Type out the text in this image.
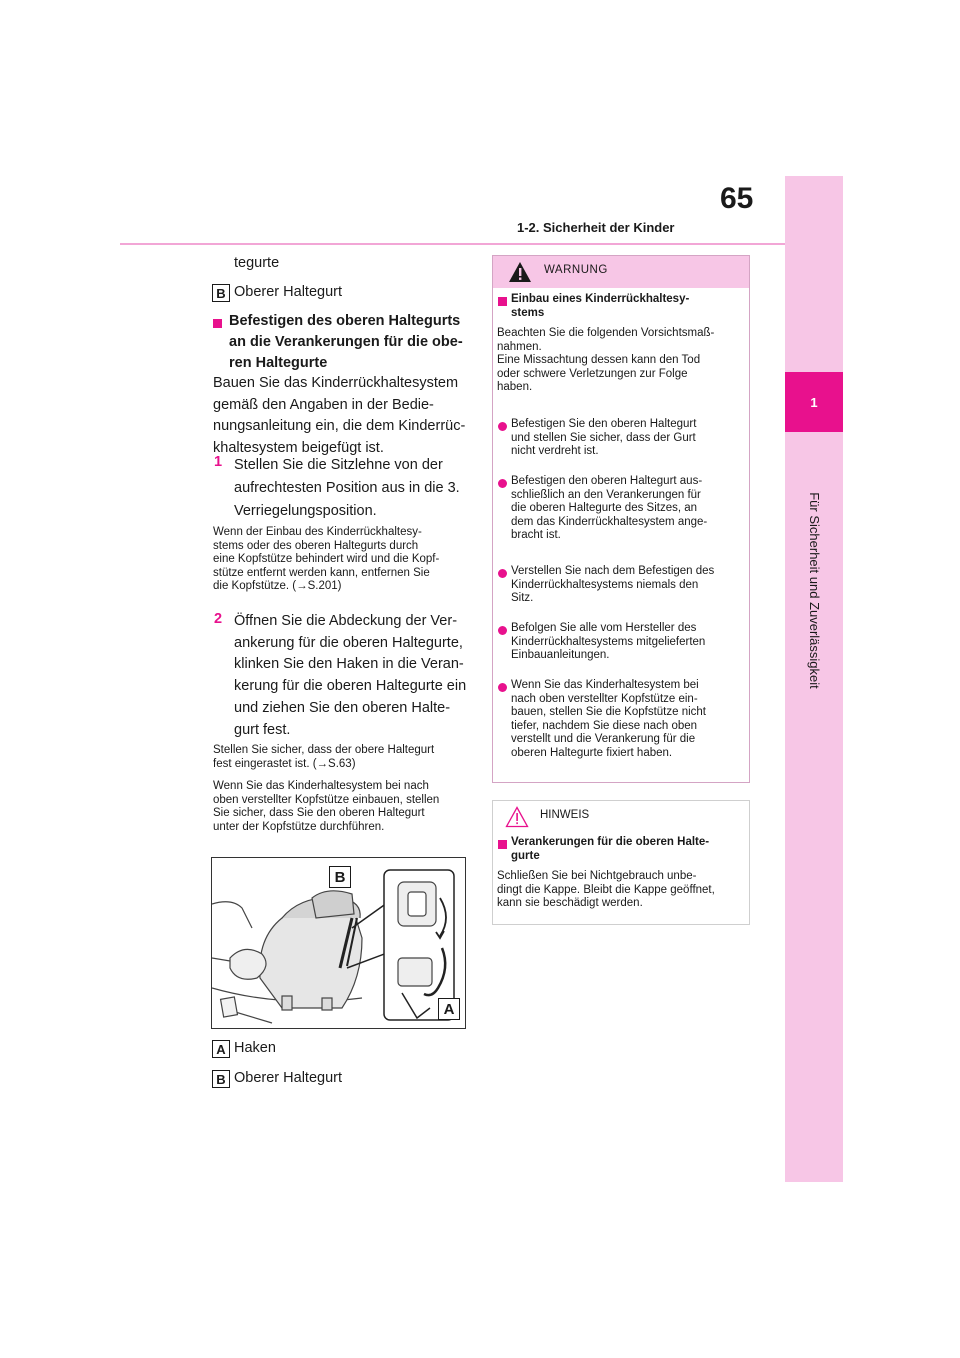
1-2. Sicherheit der Kinder
65
1
Für Sicherheit und Zuverlässigkeit
tegurte
B Oberer Haltegurt
Befestigen des oberen Haltegurts
an die Verankerungen für die obe-
ren Haltegurte
Bauen Sie das Kinderrückhaltesystem
gemäß den Angaben in der Bedie-
nungsanleitung ein, die dem Kinderrüc-
khaltesystem beigefügt ist.
1 Stellen Sie die Sitzlehne von der
aufrechtesten Position aus in die 3.
Verriegelungsposition.
Wenn der Einbau des Kinderrückhaltesy-
stems oder des oberen Haltegurts durch
eine Kopfstütze behindert wird und die Kopf-
stütze entfernt werden kann, entfernen Sie
die Kopfstütze. (→S.201)
2 Öffnen Sie die Abdeckung der Ver-
ankerung für die oberen Haltegurte,
klinken Sie den Haken in die Veran-
kerung für die oberen Haltegurte ein
und ziehen Sie den oberen Halte-
gurt fest.
Stellen Sie sicher, dass der obere Haltegurt
fest eingerastet ist. (→S.63)
Wenn Sie das Kinderhaltesystem bei nach
oben verstellter Kopfstütze einbauen, stellen
Sie sicher, dass Sie den oberen Haltegurt
unter der Kopfstütze durchführen.
B
A
A Haken
B Oberer Haltegurt
WARNUNG
Einbau eines Kinderrückhaltesy-
stems
Beachten Sie die folgenden Vorsichtsmaß-
nahmen.
Eine Missachtung dessen kann den Tod
oder schwere Verletzungen zur Folge
haben.
Befestigen Sie den oberen Haltegurt
und stellen Sie sicher, dass der Gurt
nicht verdreht ist.
Befestigen den oberen Haltegurt aus-
schließlich an den Verankerungen für
die oberen Haltegurte des Sitzes, an
dem das Kinderrückhaltesystem ange-
bracht ist.
Verstellen Sie nach dem Befestigen des
Kinderrückhaltesystems niemals den
Sitz.
Befolgen Sie alle vom Hersteller des
Kinderrückhaltesystems mitgelieferten
Einbauanleitungen.
Wenn Sie das Kinderhaltesystem bei
nach oben verstellter Kopfstütze ein-
bauen, stellen Sie die Kopfstütze nicht
tiefer, nachdem Sie diese nach oben
verstellt und die Verankerung für die
oberen Haltegurte fixiert haben.
HINWEIS
Verankerungen für die oberen Halte-
gurte
Schließen Sie bei Nichtgebrauch unbe-
dingt die Kappe. Bleibt die Kappe geöffnet,
kann sie beschädigt werden.
